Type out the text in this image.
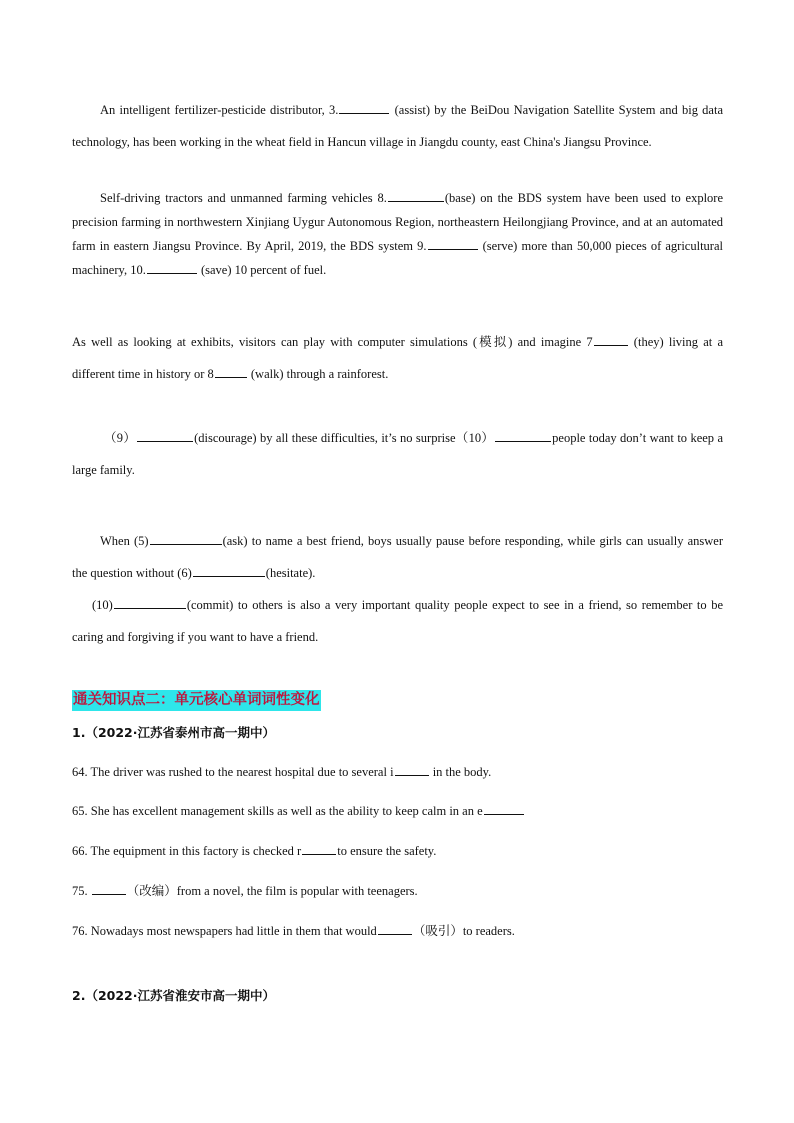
An intelligent fertilizer-pesticide distributor, 3.	(assist) by the BeiDou Navigation Satellite System and big data technology, has been working in the wheat field in Hancun village in Jiangdu county, east China's Jiangsu Province.

Self-driving tractors and unmanned farming vehicles 8.	(base) on the BDS system have been used to explore precision farming in northwestern Xinjiang Uygur Autonomous Region, northeastern Heilongjiang Province, and at an automated farm in eastern Jiangsu Province. By April, 2019, the BDS system 9.	(serve) more than 50,000 pieces of agricultural machinery, 10.	(save) 10 percent of fuel.

As well as looking at exhibits, visitors can play with computer simulations (模拟) and imagine 7	(they) living at a different time in history or 8	(walk) through a rainforest.

（9）	(discourage) by all these difficulties, it’s no surprise（10）	people today don’t want to keep a large family.

When (5)	(ask) to name a best friend, boys usually pause before responding, while girls can usually answer the question without (6)	(hesitate).

(10)	(commit) to others is also a very important quality people expect to see in a friend, so remember to be caring and forgiving if you want to have a friend.

通关知识点二：单元核心单词词性变化

1.（2022·江苏省泰州市高一期中）

64. The driver was rushed to the nearest hospital due to several i	in the body.

65. She has excellent management skills as well as the ability to keep calm in an e

66. The equipment in this factory is checked r	to ensure the safety.

75.	（改编）from a novel, the film is popular with teenagers.

76. Nowadays most newspapers had little in them that would	（吸引）to readers.

2.（2022·江苏省淮安市高一期中）
